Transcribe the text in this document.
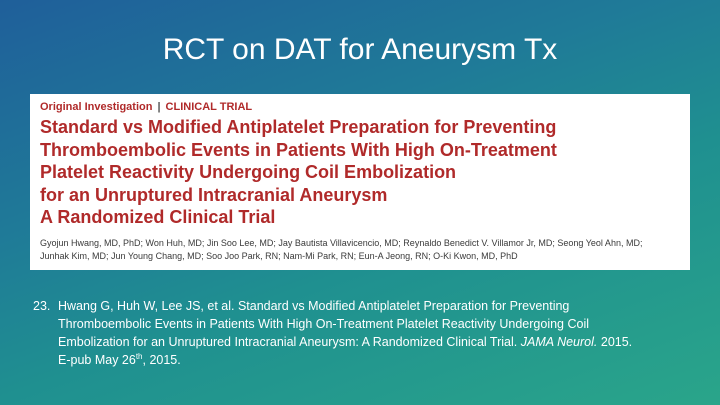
RCT on DAT for Aneurysm Tx
Original Investigation | CLINICAL TRIAL
Standard vs Modified Antiplatelet Preparation for Preventing
Thromboembolic Events in Patients With High On-Treatment
Platelet Reactivity Undergoing Coil Embolization
for an Unruptured Intracranial Aneurysm
A Randomized Clinical Trial
Gyojun Hwang, MD, PhD; Won Huh, MD; Jin Soo Lee, MD; Jay Bautista Villavicencio, MD; Reynaldo Benedict V. Villamor Jr, MD; Seong Yeol Ahn, MD;
Junhak Kim, MD; Jun Young Chang, MD; Soo Joo Park, RN; Nam-Mi Park, RN; Eun-A Jeong, RN; O-Ki Kwon, MD, PhD
23. Hwang G, Huh W, Lee JS, et al. Standard vs Modified Antiplatelet Preparation for Preventing Thromboembolic Events in Patients With High On-Treatment Platelet Reactivity Undergoing Coil Embolization for an Unruptured Intracranial Aneurysm: A Randomized Clinical Trial. JAMA Neurol. 2015. E-pub May 26th, 2015.
